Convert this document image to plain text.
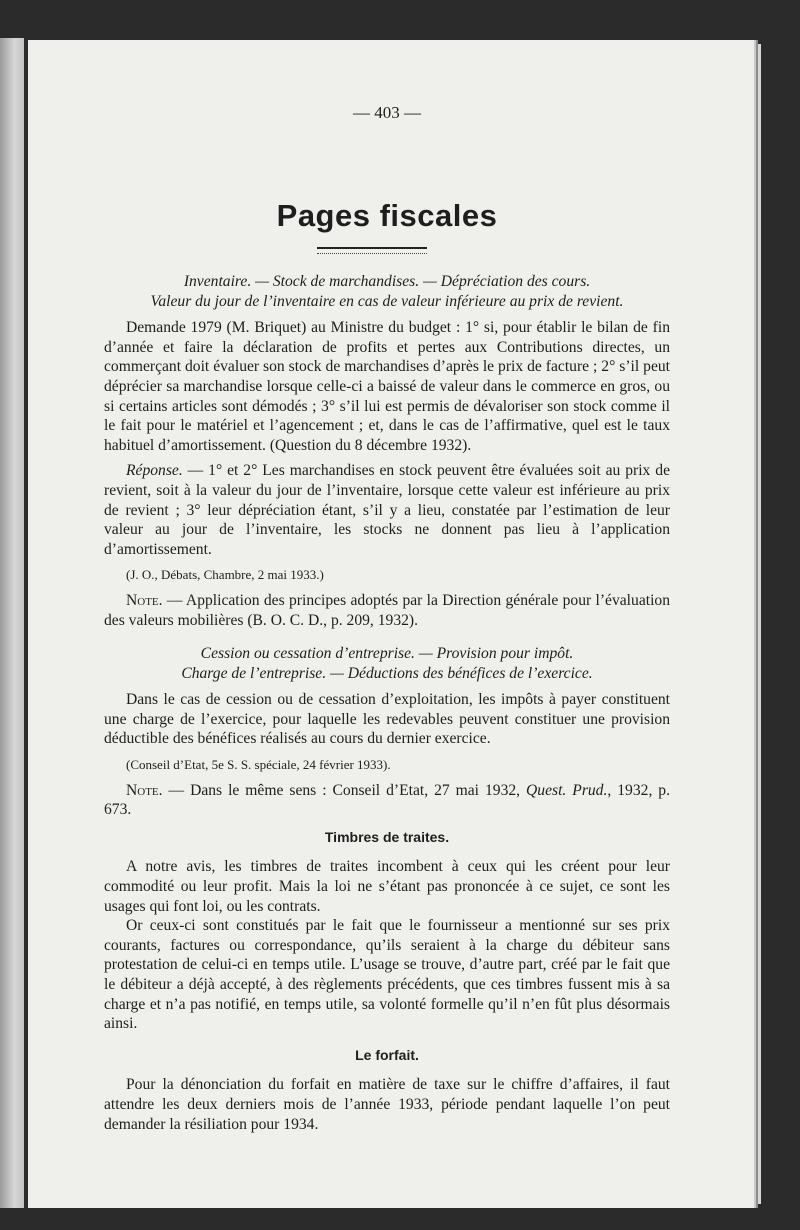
— 403 —
Pages fiscales

Inventaire. — Stock de marchandises. — Dépréciation des cours.
Valeur du jour de l’inventaire en cas de valeur inférieure au prix de revient.

Demande 1979 (M. Briquet) au Ministre du budget : 1° si, pour établir le bilan de fin d’année et faire la déclaration de profits et pertes aux Contributions directes, un commerçant doit évaluer son stock de marchandises d’après le prix de facture ; 2° s’il peut déprécier sa marchandise lorsque celle-ci a baissé de valeur dans le commerce en gros, ou si certains articles sont démodés ; 3° s’il lui est permis de dévaloriser son stock comme il le fait pour le matériel et l’agencement ; et, dans le cas de l’affirmative, quel est le taux habituel d’amortissement. (Question du 8 décembre 1932).

Réponse. — 1° et 2° Les marchandises en stock peuvent être évaluées soit au prix de revient, soit à la valeur du jour de l’inventaire, lorsque cette valeur est inférieure au prix de revient ; 3° leur dépréciation étant, s’il y a lieu, constatée par l’estimation de leur valeur au jour de l’inventaire, les stocks ne donnent pas lieu à l’application d’amortissement.

(J. O., Débats, Chambre, 2 mai 1933.)

Note. — Application des principes adoptés par la Direction générale pour l’évaluation des valeurs mobilières (B. O. C. D., p. 209, 1932).

Cession ou cessation d’entreprise. — Provision pour impôt.
Charge de l’entreprise. — Déductions des bénéfices de l’exercice.

Dans le cas de cession ou de cessation d’exploitation, les impôts à payer constituent une charge de l’exercice, pour laquelle les redevables peuvent constituer une provision déductible des bénéfices réalisés au cours du dernier exercice.

(Conseil d’Etat, 5e S. S. spéciale, 24 février 1933).

Note. — Dans le même sens : Conseil d’Etat, 27 mai 1932, Quest. Prud., 1932, p. 673.

Timbres de traites.

A notre avis, les timbres de traites incombent à ceux qui les créent pour leur commodité ou leur profit. Mais la loi ne s’étant pas prononcée à ce sujet, ce sont les usages qui font loi, ou les contrats.

Or ceux-ci sont constitués par le fait que le fournisseur a mentionné sur ses prix courants, factures ou correspondance, qu’ils seraient à la charge du débiteur sans protestation de celui-ci en temps utile. L’usage se trouve, d’autre part, créé par le fait que le débiteur a déjà accepté, à des règlements précédents, que ces timbres fussent mis à sa charge et n’a pas notifié, en temps utile, sa volonté formelle qu’il n’en fût plus désormais ainsi.

Le forfait.

Pour la dénonciation du forfait en matière de taxe sur le chiffre d’affaires, il faut attendre les deux derniers mois de l’année 1933, période pendant laquelle l’on peut demander la résiliation pour 1934.
